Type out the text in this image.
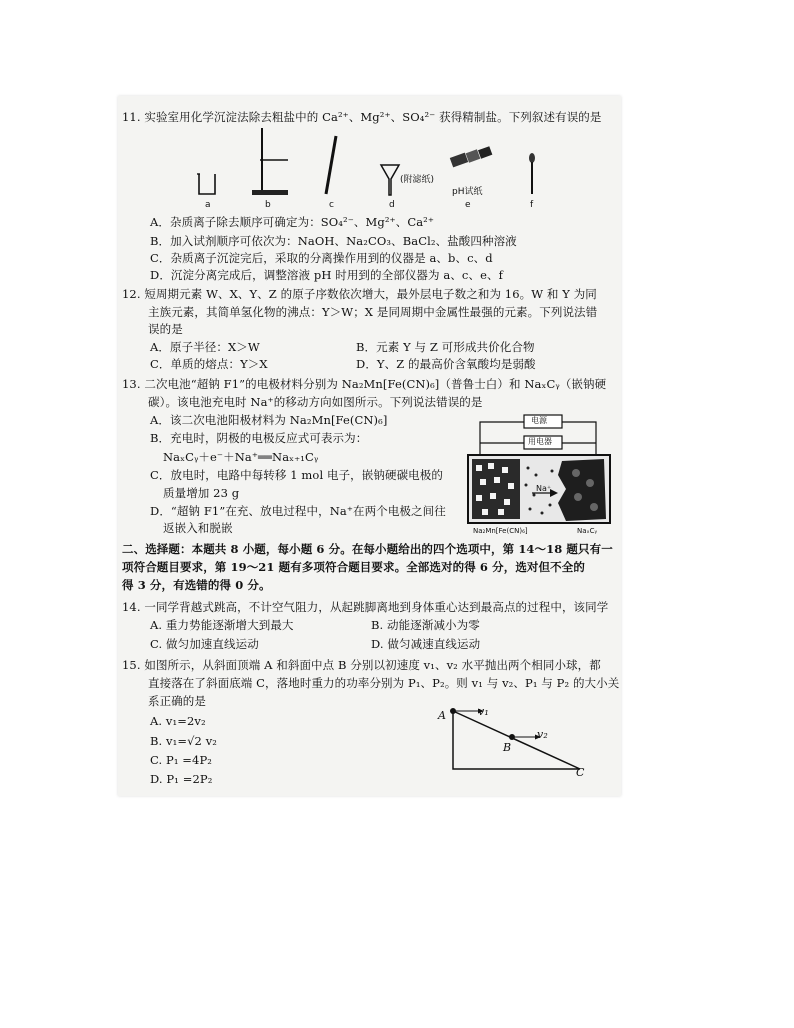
11. 实验室用化学沉淀法除去粗盐中的 Ca²⁺、Mg²⁺、SO₄²⁻ 获得精制盐。下列叙述有误的是
a	b	c
(附滤纸)
d
pH试纸
e	f
A．杂质离子除去顺序可确定为：SO₄²⁻、Mg²⁺、Ca²⁺
B．加入试剂顺序可依次为：NaOH、Na₂CO₃、BaCl₂、盐酸四种溶液
C．杂质离子沉淀完后，采取的分离操作用到的仪器是 a、b、c、d
D．沉淀分离完成后，调整溶液 pH 时用到的全部仪器为 a、c、e、f
12. 短周期元素 W、X、Y、Z 的原子序数依次增大，最外层电子数之和为 16。W 和 Y 为同
主族元素，其简单氢化物的沸点：Y＞W；X 是同周期中金属性最强的元素。下列说法错
误的是
A．原子半径：X＞W	B．元素 Y 与 Z 可形成共价化合物
C．单质的熔点：Y＞X	D．Y、Z 的最高价含氧酸均是弱酸
13. 二次电池“超钠 F1”的电极材料分别为 Na₂Mn[Fe(CN)₆]（普鲁士白）和 NaₓCᵧ（嵌钠硬
碳）。该电池充电时 Na⁺的移动方向如图所示。下列说法错误的是
A．该二次电池阳极材料为 Na₂Mn[Fe(CN)₆]
B．充电时，阴极的电极反应式可表示为：
NaₓCᵧ＋e⁻＋Na⁺══Naₓ₊₁Cᵧ
C．放电时，电路中每转移 1 mol 电子，嵌钠硬碳电极的
质量增加 23 g
D．“超钠 F1”在充、放电过程中，Na⁺在两个电极之间往
返嵌入和脱嵌
电源
用电器
Na⁺
Na₂Mn[Fe(CN)₆]	NaₓCᵧ
二、选择题：本题共 8 小题，每小题 6 分。在每小题给出的四个选项中，第 14～18 题只有一
项符合题目要求，第 19～21 题有多项符合题目要求。全部选对的得 6 分，选对但不全的
得 3 分，有选错的得 0 分。
14. 一同学背越式跳高，不计空气阻力，从起跳脚离地到身体重心达到最高点的过程中，该同学
A. 重力势能逐渐增大到最大	B. 动能逐渐减小为零
C. 做匀加速直线运动	D. 做匀减速直线运动
15. 如图所示，从斜面顶端 A 和斜面中点 B 分别以初速度 v₁、v₂ 水平抛出两个相同小球，都
直接落在了斜面底端 C，落地时重力的功率分别为 P₁、P₂。则 v₁ 与 v₂、P₁ 与 P₂ 的大小关
系正确的是
A. v₁=2v₂
B. v₁=√2 v₂
C. P₁ =4P₂
D. P₁ =2P₂
A	v₁
B
v₂
C
